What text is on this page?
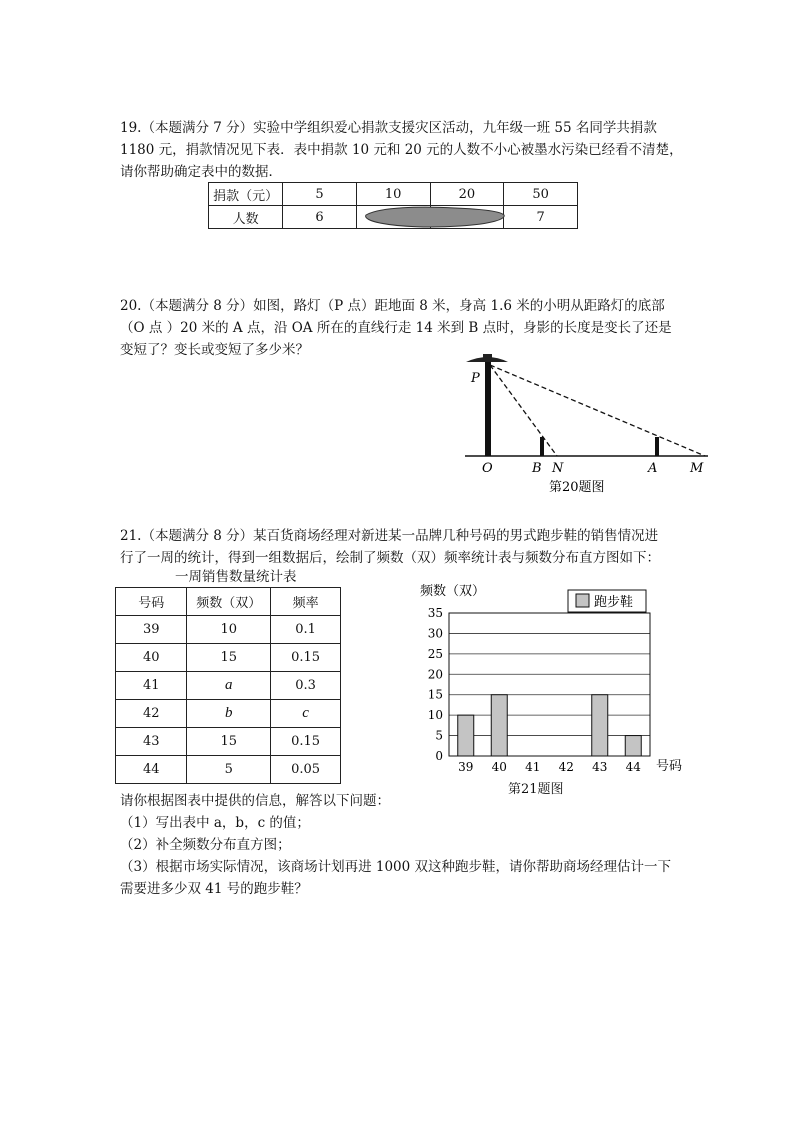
19.（本题满分 7 分）实验中学组织爱心捐款支援灾区活动，九年级一班 55 名同学共捐款
1180 元，捐款情况见下表．表中捐款 10 元和 20 元的人数不小心被墨水污染已经看不清楚，
请你帮助确定表中的数据．
捐款（元）	5	10	20	50
人数	6			7
20.（本题满分 8 分）如图，路灯（P 点）距地面 8 米，身高 1.6 米的小明从距路灯的底部
（O 点 ）20 米的 A 点，沿 OA 所在的直线行走 14 米到 B 点时，身影的长度是变长了还是
变短了？变长或变短了多少米？
P
O	B N	A	M
第20题图
21.（本题满分 8 分）某百货商场经理对新进某一品牌几种号码的男式跑步鞋的销售情况进
行了一周的统计，得到一组数据后，绘制了频数（双）频率统计表与频数分布直方图如下：
一周销售数量统计表
号码	频数（双）	频率
39	10	0.1
40	15	0.15
41	a	0.3
42	b	c
43	15	0.15
44	5	0.05
频数（双）
0
5
10
15
20
25
30
35
39 40 41 42 43 44
跑步鞋
号码
第21题图
请你根据图表中提供的信息，解答以下问题：
（1）写出表中 a，b，c 的值；
（2）补全频数分布直方图；
（3）根据市场实际情况，该商场计划再进 1000 双这种跑步鞋，请你帮助商场经理估计一下
需要进多少双 41 号的跑步鞋？
